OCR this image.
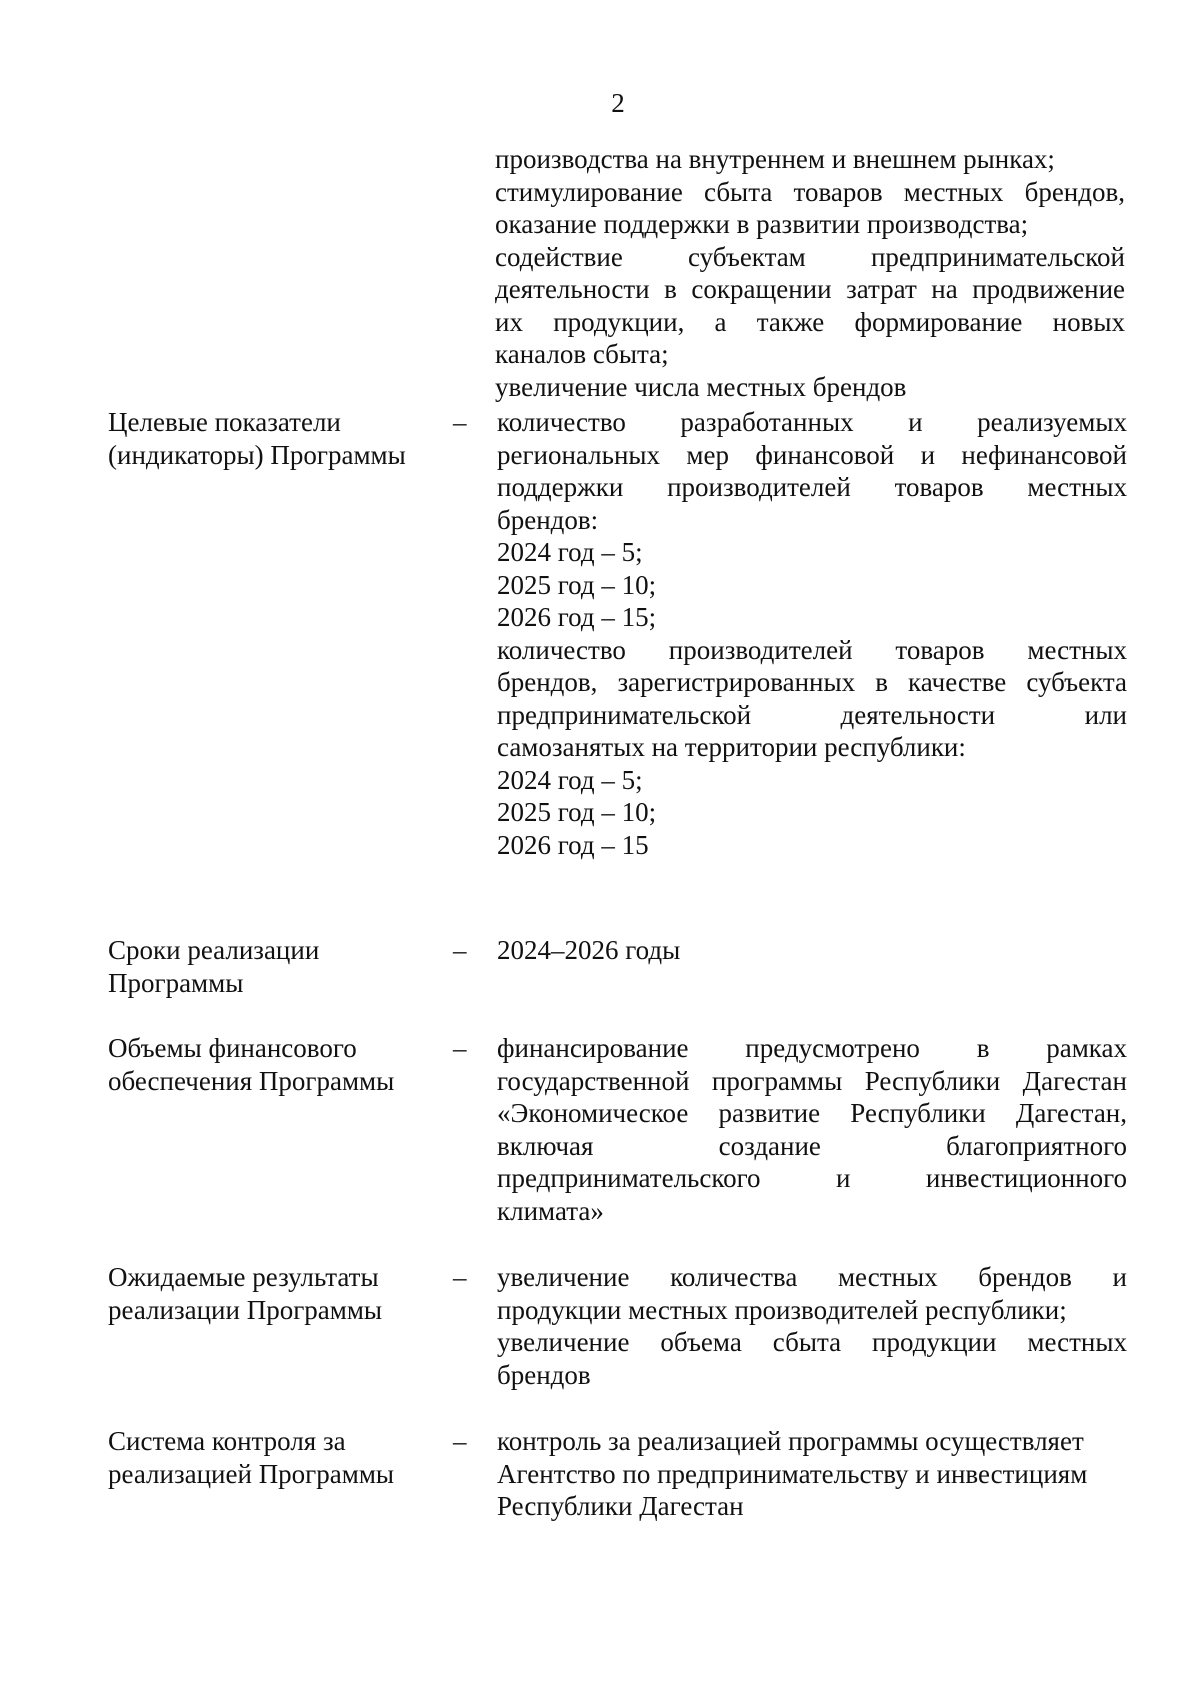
2
производства на внутреннем и внешнем рынках;
стимулирование сбыта товаров местных брендов,
оказание поддержки в развитии производства;
содействие субъектам предпринимательской
деятельности в сокращении затрат на продвижение
их продукции, а также формирование новых
каналов сбыта;
увеличение числа местных брендов
Целевые показатели
(индикаторы) Программы
–	количество разработанных и реализуемых
региональных мер финансовой и нефинансовой
поддержки производителей товаров местных
брендов:
2024 год – 5;
2025 год – 10;
2026 год – 15;
количество производителей товаров местных
брендов, зарегистрированных в качестве субъекта
предпринимательской деятельности или
самозанятых на территории республики:
2024 год – 5;
2025 год – 10;
2026 год – 15
Сроки реализации
Программы
–	2024–2026 годы
Объемы финансового
обеспечения Программы
–	финансирование предусмотрено в рамках
государственной программы Республики Дагестан
«Экономическое развитие Республики Дагестан,
включая создание благоприятного
предпринимательского и инвестиционного
климата»
Ожидаемые результаты
реализации Программы
–	увеличение количества местных брендов и
продукции местных производителей республики;
увеличение объема сбыта продукции местных
брендов
Система контроля за
реализацией Программы
–	контроль за реализацией программы осуществляет
Агентство по предпринимательству и инвестициям
Республики Дагестан
